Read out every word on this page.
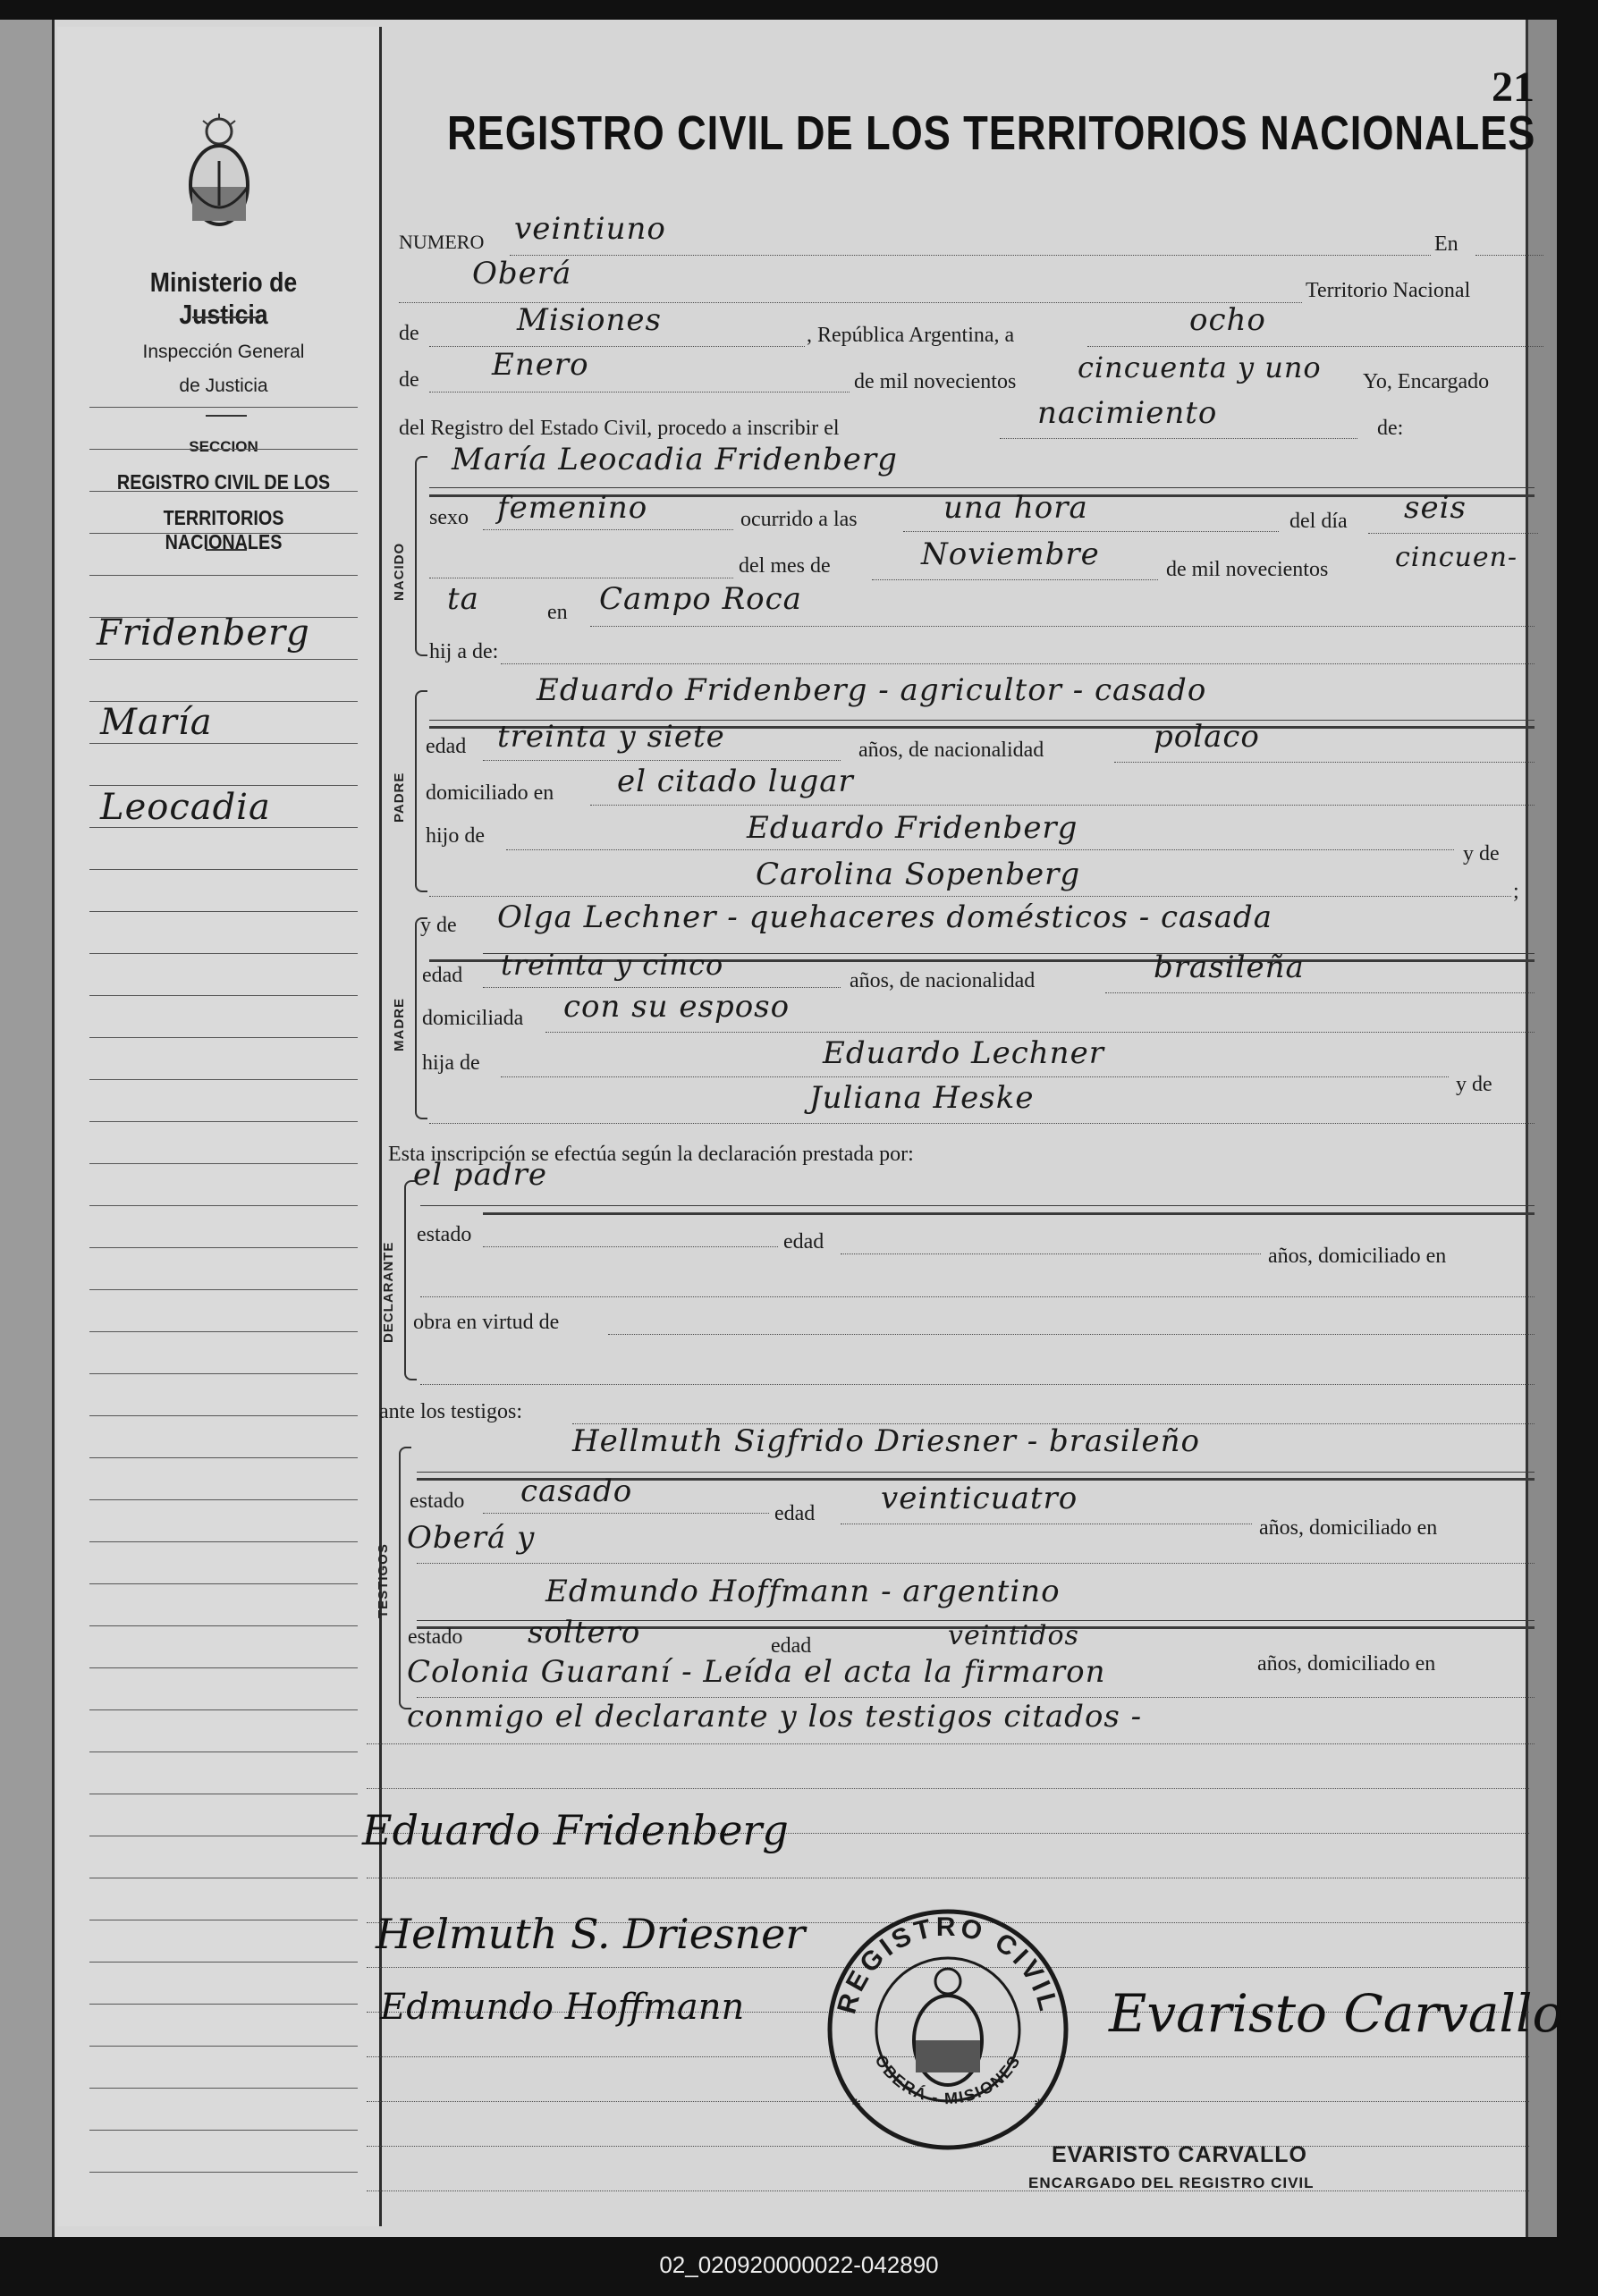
Ministerio de Justicia
Inspección General
de Justicia
SECCION
REGISTRO CIVIL DE LOS
TERRITORIOS NACIONALES
Fridenberg
María
Leocadia
REGISTRO CIVIL DE LOS TERRITORIOS NACIONALES
21
NUMERO veintiuno	En
Oberá	Territorio Nacional
de	Misiones	, República Argentina, a	ocho
de Enero	de mil novecientos cincuenta y uno Yo, Encargado
del Registro del Estado Civil, procedo a inscribir el	nacimiento	de:
NACIDO
María Leocadia Fridenberg
sexo femenino	ocurrido a las	una hora	del día seis
del mes de	Noviembre	de mil novecientos cincuen-
ta	en Campo Roca
hij a de:
PADRE
Eduardo Fridenberg - agricultor - casado
edad treinta y siete	años, de nacionalidad	polaco
domiciliado en el citado lugar
hijo de	Eduardo Fridenberg
y de
Carolina Sopenberg	;
MADRE
y de Olga Lechner - quehaceres domésticos - casada
edad treinta y cinco	años, de nacionalidad	brasileña
domiciliada con su esposo
hija de	Eduardo Lechner
y de
Juliana Heske
Esta inscripción se efectúa según la declaración prestada por:
DECLARANTE
el padre
estado	edad
años, domiciliado en
obra en virtud de
ante los testigos:
TESTIGOS
Hellmuth Sigfrido Driesner - brasileño
estado casado
edad veinticuatro
años, domiciliado en
Oberá y
Edmundo Hoffmann - argentino
estado soltero	edad	veintidos
años, domiciliado en
Colonia Guaraní - Leída el acta la firmaron
conmigo el declarante y los testigos citados -
Eduardo Fridenberg
Helmuth S. Driesner
Edmundo Hoffmann	Evaristo Carvallo
REGISTRO CIVIL
OBERÁ - MISIONES
*	*
EVARISTO CARVALLO
ENCARGADO DEL REGISTRO CIVIL
02_020920000022-042890
